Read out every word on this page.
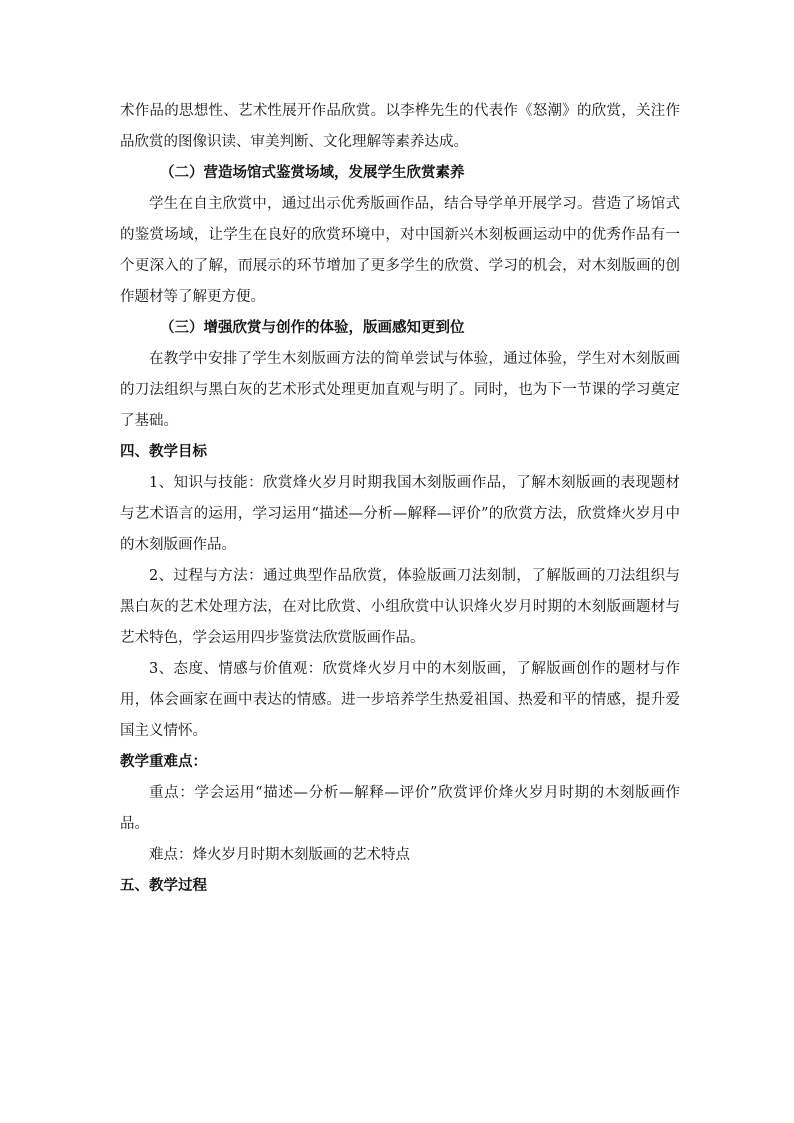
术作品的思想性、艺术性展开作品欣赏。以李桦先生的代表作《怒潮》的欣赏，关注作品欣赏的图像识读、审美判断、文化理解等素养达成。

（二）营造场馆式鉴赏场域，发展学生欣赏素养

学生在自主欣赏中，通过出示优秀版画作品，结合导学单开展学习。营造了场馆式的鉴赏场域，让学生在良好的欣赏环境中，对中国新兴木刻板画运动中的优秀作品有一个更深入的了解，而展示的环节增加了更多学生的欣赏、学习的机会，对木刻版画的创作题材等了解更方便。

（三）增强欣赏与创作的体验，版画感知更到位

在教学中安排了学生木刻版画方法的简单尝试与体验，通过体验，学生对木刻版画的刀法组织与黑白灰的艺术形式处理更加直观与明了。同时，也为下一节课的学习奠定了基础。

四、教学目标

1、知识与技能：欣赏烽火岁月时期我国木刻版画作品，了解木刻版画的表现题材与艺术语言的运用，学习运用“描述—分析—解释—评价”的欣赏方法，欣赏烽火岁月中的木刻版画作品。

2、过程与方法：通过典型作品欣赏，体验版画刀法刻制，了解版画的刀法组织与黑白灰的艺术处理方法，在对比欣赏、小组欣赏中认识烽火岁月时期的木刻版画题材与艺术特色，学会运用四步鉴赏法欣赏版画作品。

3、态度、情感与价值观：欣赏烽火岁月中的木刻版画，了解版画创作的题材与作用，体会画家在画中表达的情感。进一步培养学生热爱祖国、热爱和平的情感，提升爱国主义情怀。

教学重难点：

重点：学会运用“描述—分析—解释—评价”欣赏评价烽火岁月时期的木刻版画作品。

难点：烽火岁月时期木刻版画的艺术特点

五、教学过程
